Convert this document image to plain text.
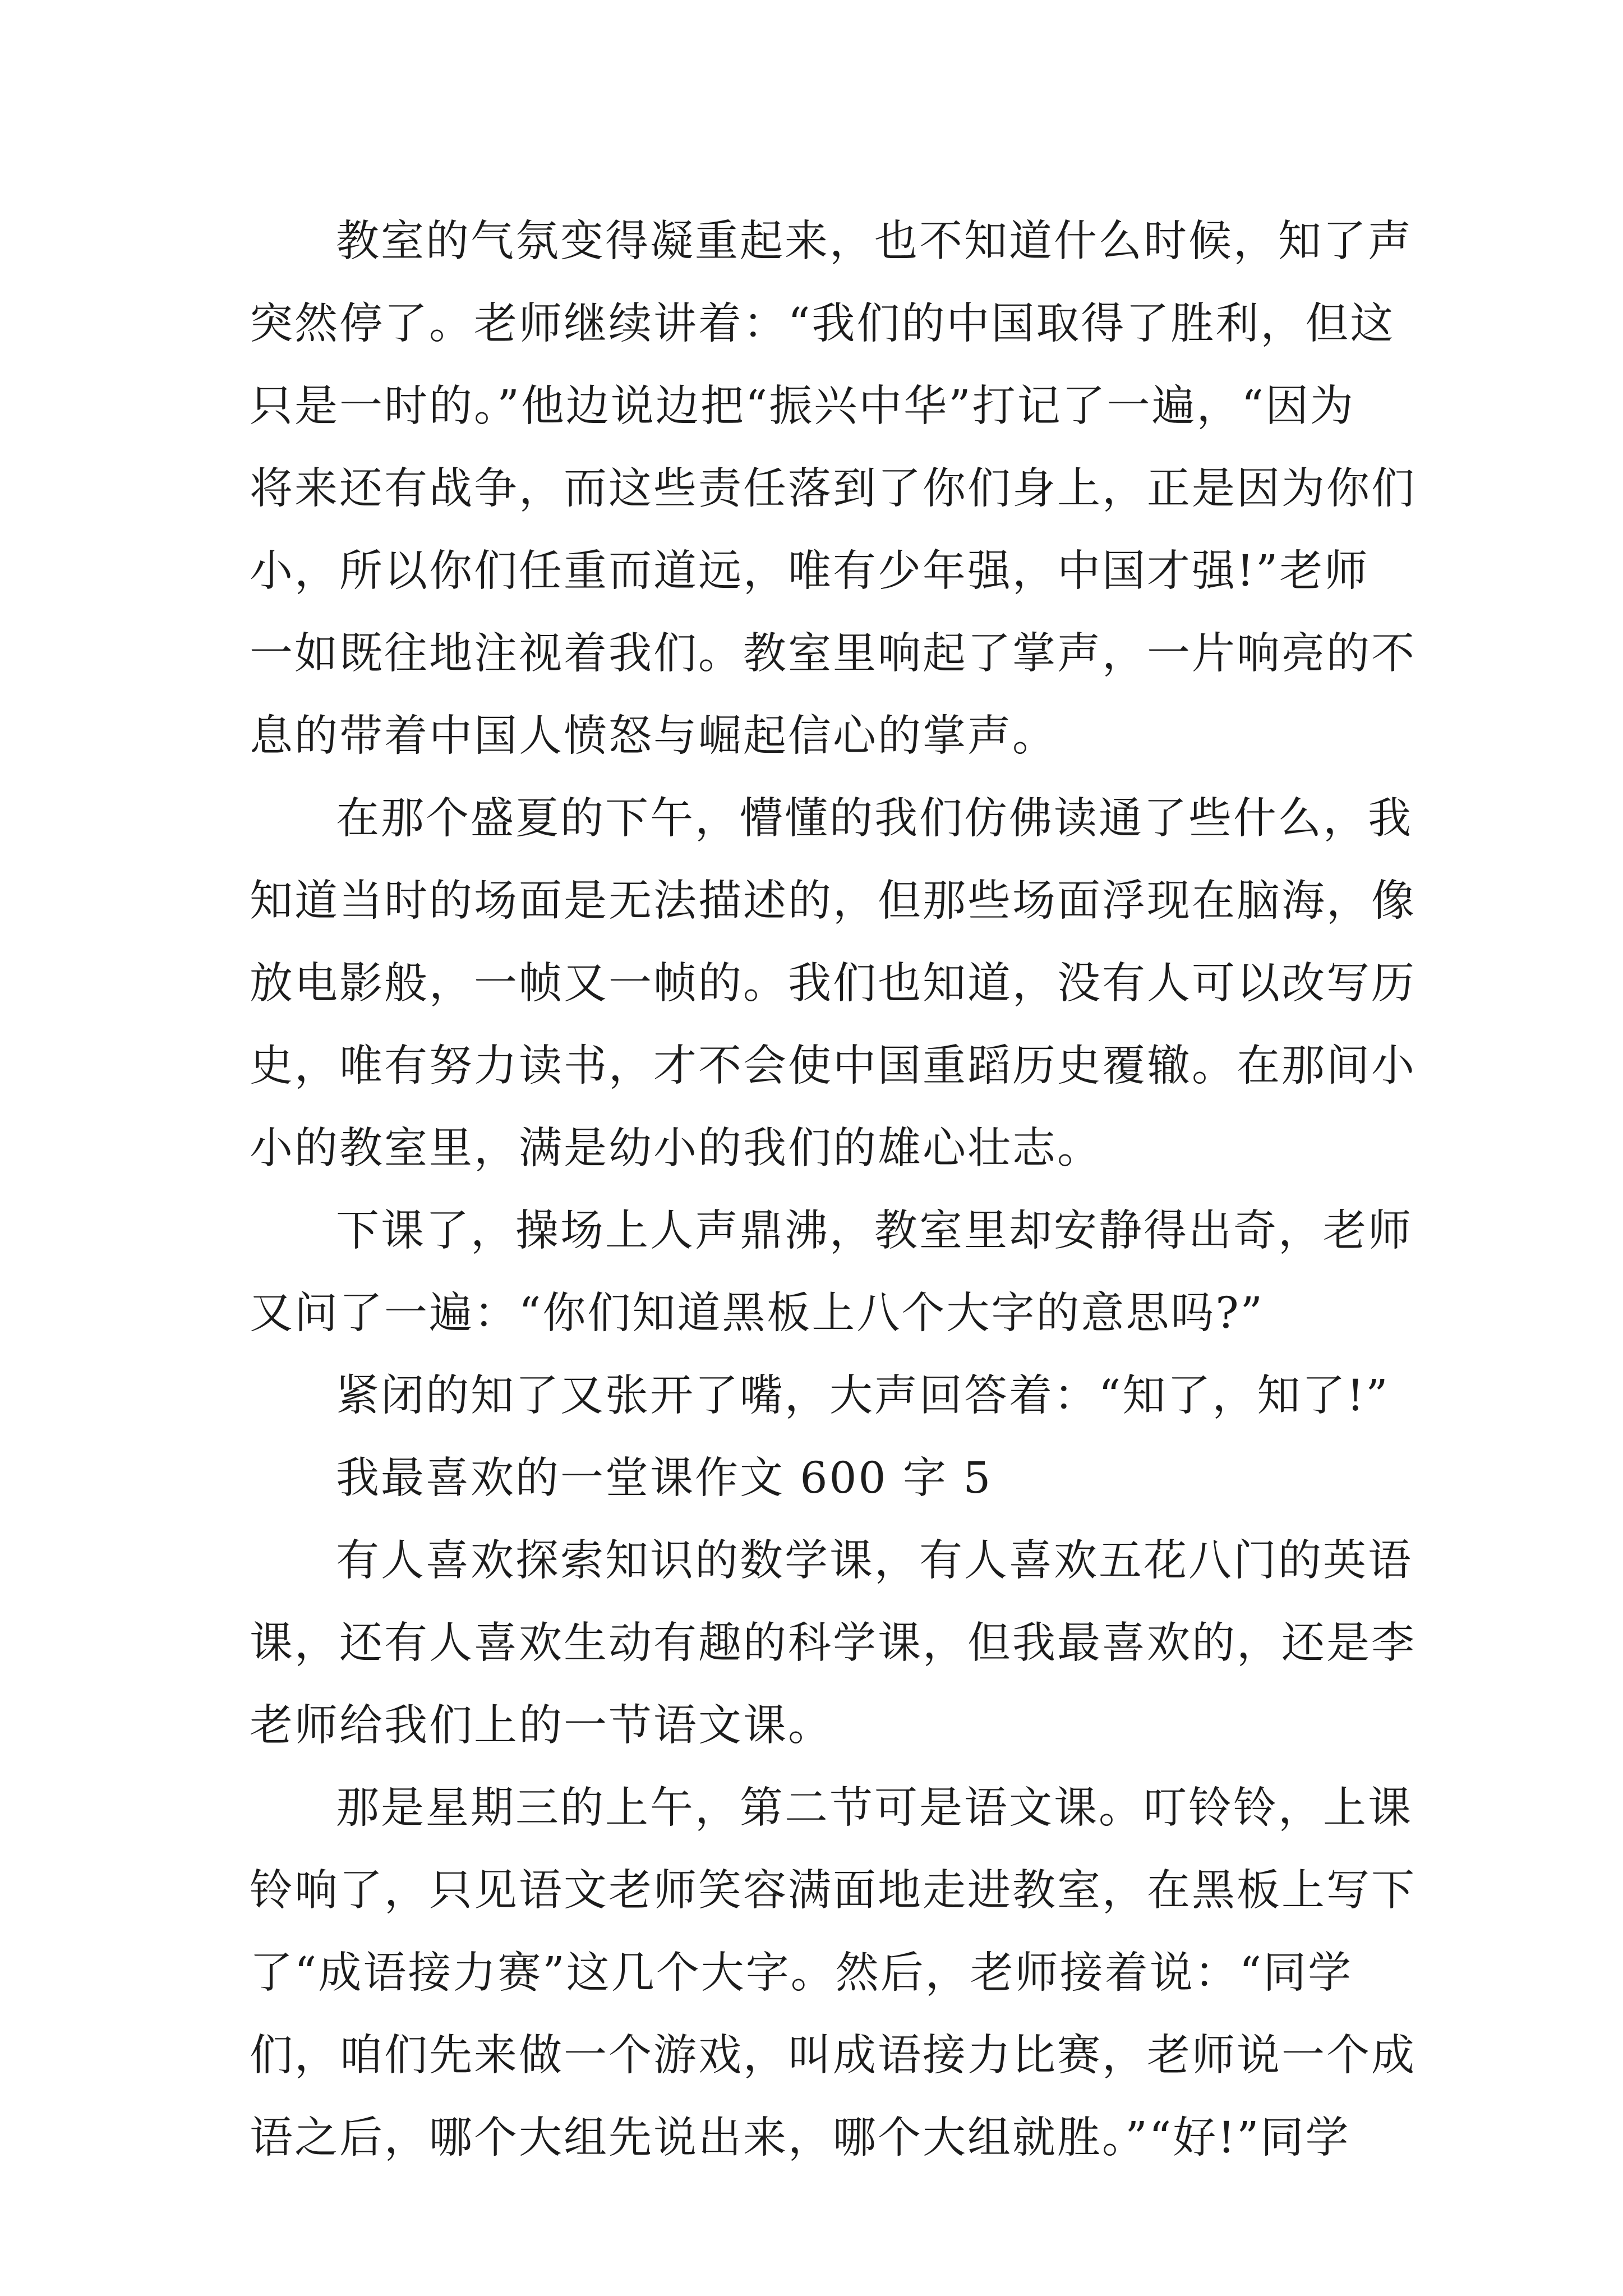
教室的气氛变得凝重起来，也不知道什么时候，知了声
突然停了。老师继续讲着：“我们的中国取得了胜利，但这
只是一时的。”他边说边把“振兴中华”打记了一遍，“因为
将来还有战争，而这些责任落到了你们身上，正是因为你们
小，所以你们任重而道远，唯有少年强，中国才强!”老师
一如既往地注视着我们。教室里响起了掌声，一片响亮的不
息的带着中国人愤怒与崛起信心的掌声。
在那个盛夏的下午，懵懂的我们仿佛读通了些什么，我
知道当时的场面是无法描述的，但那些场面浮现在脑海，像
放电影般，一帧又一帧的。我们也知道，没有人可以改写历
史，唯有努力读书，才不会使中国重蹈历史覆辙。在那间小
小的教室里，满是幼小的我们的雄心壮志。
下课了，操场上人声鼎沸，教室里却安静得出奇，老师
又问了一遍：“你们知道黑板上八个大字的意思吗?”
紧闭的知了又张开了嘴，大声回答着：“知了，知了!”
我最喜欢的一堂课作文 600 字 5
有人喜欢探索知识的数学课，有人喜欢五花八门的英语
课，还有人喜欢生动有趣的科学课，但我最喜欢的，还是李
老师给我们上的一节语文课。
那是星期三的上午，第二节可是语文课。叮铃铃，上课
铃响了，只见语文老师笑容满面地走进教室，在黑板上写下
了“成语接力赛”这几个大字。然后，老师接着说：“同学
们，咱们先来做一个游戏，叫成语接力比赛，老师说一个成
语之后，哪个大组先说出来，哪个大组就胜。”“好!”同学
